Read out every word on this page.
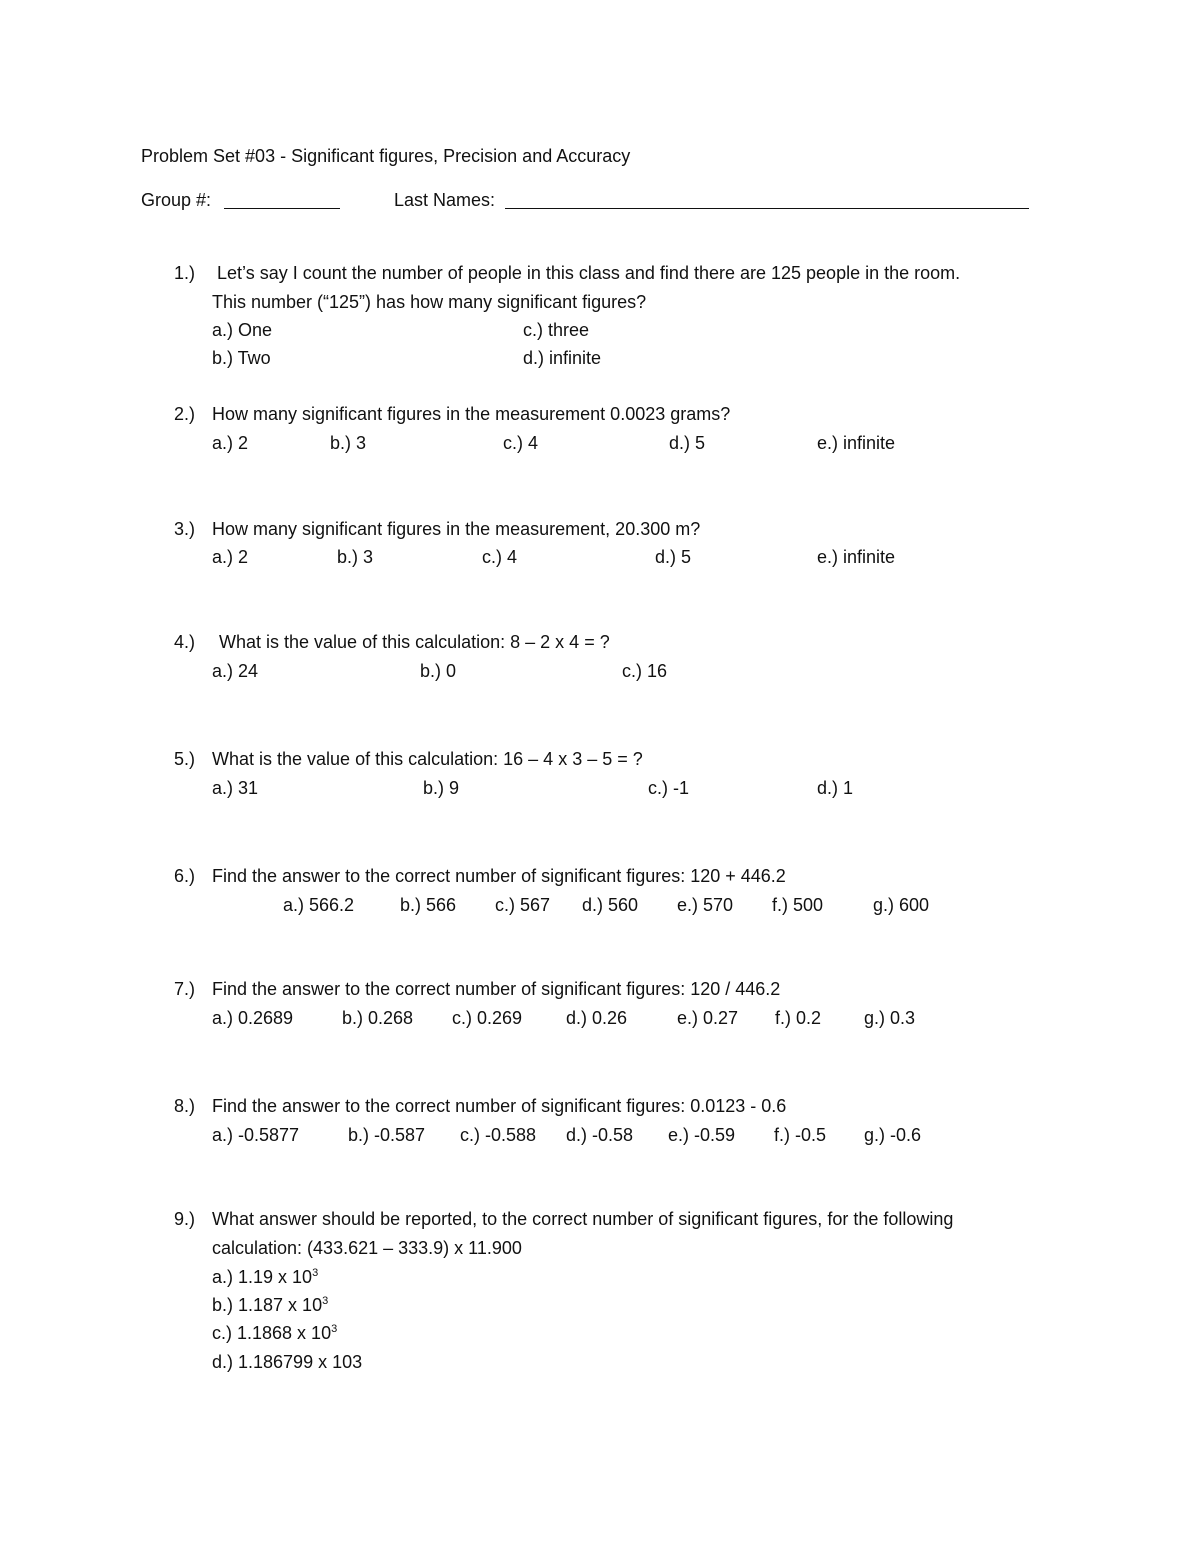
Problem Set #03 - Significant figures, Precision and Accuracy
Group #:	Last Names:
1.) Let’s say I count the number of people in this class and find there are 125 people in the room.
This number (“125”) has how many significant figures?
a.) One	c.) three
b.) Two	d.) infinite
2.) How many significant figures in the measurement 0.0023 grams?
a.) 2	b.) 3	c.) 4	d.) 5	e.) infinite
3.) How many significant figures in the measurement, 20.300 m?
a.) 2	b.) 3	c.) 4	d.) 5	e.) infinite
4.) What is the value of this calculation: 8 – 2 x 4 = ?
a.) 24	b.) 0	c.) 16
5.) What is the value of this calculation: 16 – 4 x 3 – 5 = ?
a.) 31	b.) 9	c.) -1	d.) 1
6.) Find the answer to the correct number of significant figures: 120 + 446.2
a.) 566.2	b.) 566 c.) 567 d.) 560 e.) 570 f.) 500	g.) 600
7.) Find the answer to the correct number of significant figures: 120 / 446.2
a.) 0.2689	b.) 0.268 c.) 0.269 d.) 0.26	e.) 0.27 f.) 0.2 g.) 0.3
8.) Find the answer to the correct number of significant figures: 0.0123 - 0.6
a.) -0.5877	b.) -0.587 c.) -0.588 d.) -0.58 e.) -0.59 f.) -0.5 g.) -0.6
9.) What answer should be reported, to the correct number of significant figures, for the following
calculation: (433.621 – 333.9) x 11.900
a.) 1.19 x $10^3$
b.) 1.187 x $10^3$
c.) 1.1868 x $10^3$
d.) 1.186799 x 103
